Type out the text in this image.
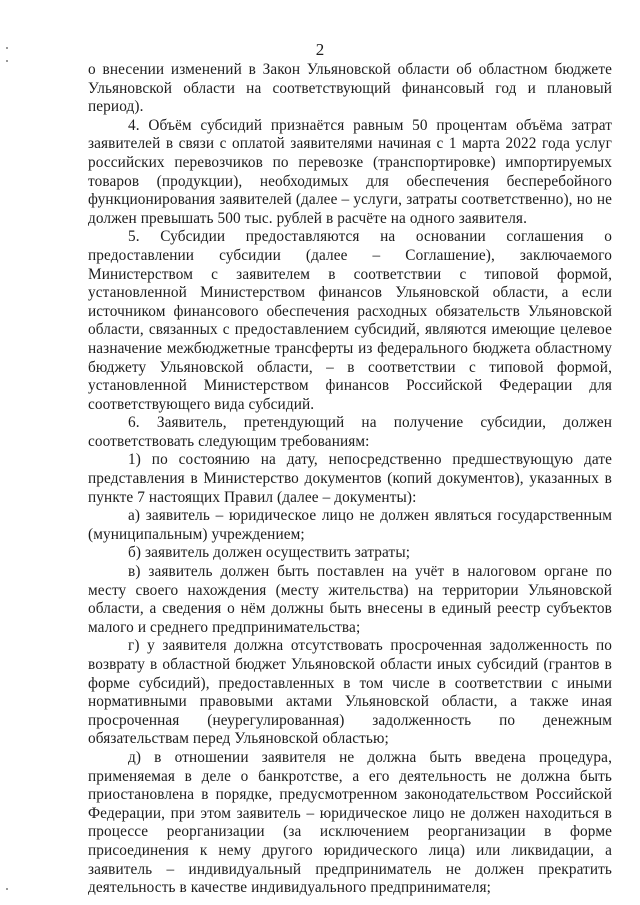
2

о внесении изменений в Закон Ульяновской области об областном бюджете Ульяновской области на соответствующий финансовый год и плановый период).

4. Объём субсидий признаётся равным 50 процентам объёма затрат заявителей в связи с оплатой заявителями начиная с 1 марта 2022 года услуг российских перевозчиков по перевозке (транспортировке) импортируемых товаров (продукции), необходимых для обеспечения бесперебойного функционирования заявителей (далее – услуги, затраты соответственно), но не должен превышать 500 тыс. рублей в расчёте на одного заявителя.

5. Субсидии предоставляются на основании соглашения о предоставлении субсидии (далее – Соглашение), заключаемого Министерством с заявителем в соответствии с типовой формой, установленной Министерством финансов Ульяновской области, а если источником финансового обеспечения расходных обязательств Ульяновской области, связанных с предоставлением субсидий, являются имеющие целевое назначение межбюджетные трансферты из федерального бюджета областному бюджету Ульяновской области, – в соответствии с типовой формой, установленной Министерством финансов Российской Федерации для соответствующего вида субсидий.

6. Заявитель, претендующий на получение субсидии, должен соответствовать следующим требованиям:

1) по состоянию на дату, непосредственно предшествующую дате представления в Министерство документов (копий документов), указанных в пункте 7 настоящих Правил (далее – документы):

а) заявитель – юридическое лицо не должен являться государственным (муниципальным) учреждением;

б) заявитель должен осуществить затраты;

в) заявитель должен быть поставлен на учёт в налоговом органе по месту своего нахождения (месту жительства) на территории Ульяновской области, а сведения о нём должны быть внесены в единый реестр субъектов малого и среднего предпринимательства;

г) у заявителя должна отсутствовать просроченная задолженность по возврату в областной бюджет Ульяновской области иных субсидий (грантов в форме субсидий), предоставленных в том числе в соответствии с иными нормативными правовыми актами Ульяновской области, а также иная просроченная (неурегулированная) задолженность по денежным обязательствам перед Ульяновской областью;

д) в отношении заявителя не должна быть введена процедура, применяемая в деле о банкротстве, а его деятельность не должна быть приостановлена в порядке, предусмотренном законодательством Российской Федерации, при этом заявитель – юридическое лицо не должен находиться в процессе реорганизации (за исключением реорганизации в форме присоединения к нему другого юридического лица) или ликвидации, а заявитель – индивидуальный предприниматель не должен прекратить деятельность в качестве индивидуального предпринимателя;
